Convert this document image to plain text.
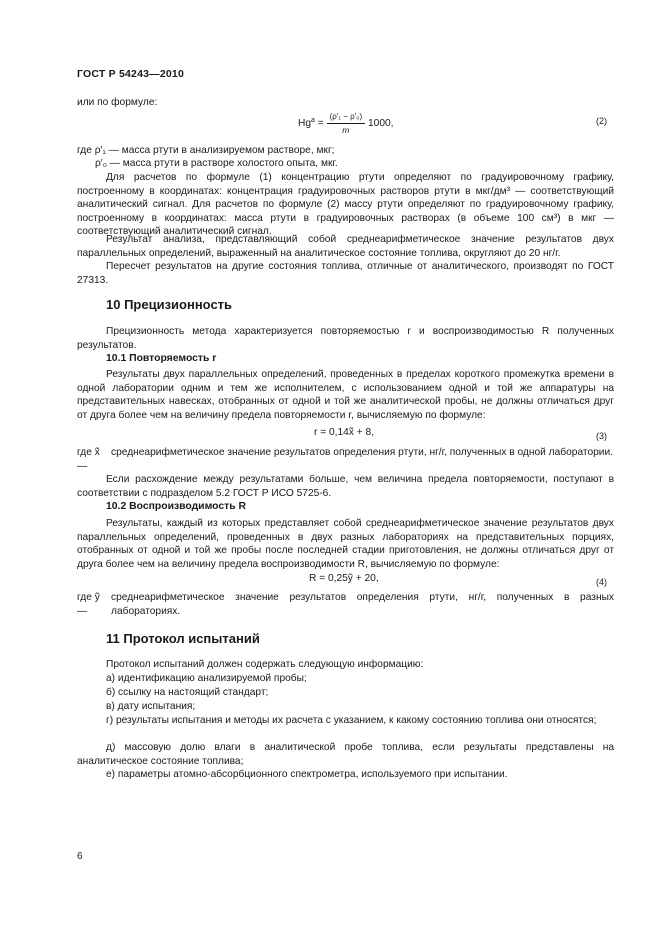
ГОСТ Р 54243—2010
или по формуле:
$Hg^a = \frac{\text{(ρ′₁ − ρ′₀)}}{m} 1000$,	(2)
где ρ′₁ — масса ртути в анализируемом растворе, мкг;
ρ′₀ — масса ртути в растворе холостого опыта, мкг.
Для расчетов по формуле (1) концентрацию ртути определяют по градуировочному графику, построенному в координатах: концентрация градуировочных растворов ртути в мкг/дм³ — соответствующий аналитический сигнал. Для расчетов по формуле (2) массу ртути определяют по градуировочному графику, построенному в координатах: масса ртути в градуировочных растворах (в объеме 100 см³) в мкг — соответствующий аналитический сигнал.
Результат анализа, представляющий собой среднеарифметическое значение результатов двух параллельных определений, выраженный на аналитическое состояние топлива, округляют до 20 нг/г.
Пересчет результатов на другие состояния топлива, отличные от аналитического, производят по ГОСТ 27313.
10 Прецизионность
Прецизионность метода характеризуется повторяемостью r и воспроизводимостью R полученных результатов.
10.1 Повторяемость r
Результаты двух параллельных определений, проведенных в пределах короткого промежутка времени в одной лаборатории одним и тем же исполнителем, с использованием одной и той же аппаратуры на представительных навесках, отобранных от одной и той же аналитической пробы, не должны отличаться друг от друга более чем на величину предела повторяемости r, вычисляемую по формуле:
r = 0,14x̃ + 8,	(3)
где x̃ —
среднеарифметическое значение результатов определения ртути, нг/г, полученных в одной лаборатории.
Если расхождение между результатами больше, чем величина предела повторяемости, поступают в соответствии с подразделом 5.2 ГОСТ Р ИСО 5725-6.
10.2 Воспроизводимость R
Результаты, каждый из которых представляет собой среднеарифметическое значение результатов двух параллельных определений, проведенных в двух разных лабораториях на представительных порциях, отобранных от одной и той же пробы после последней стадии приготовления, не должны отличаться друг от друга более чем на величину предела воспроизводимости R, вычисляемую по формуле:
R = 0,25ỹ + 20,	(4)
где ỹ —
среднеарифметическое значение результатов определения ртути, нг/г, полученных в разных лабораториях.
11 Протокол испытаний
Протокол испытаний должен содержать следующую информацию:
а) идентификацию анализируемой пробы;
б) ссылку на настоящий стандарт;
в) дату испытания;
г) результаты испытания и методы их расчета с указанием, к какому состоянию топлива они относятся;
д) массовую долю влаги в аналитической пробе топлива, если результаты представлены на аналитическое состояние топлива;
е) параметры атомно-абсорбционного спектрометра, используемого при испытании.
6
